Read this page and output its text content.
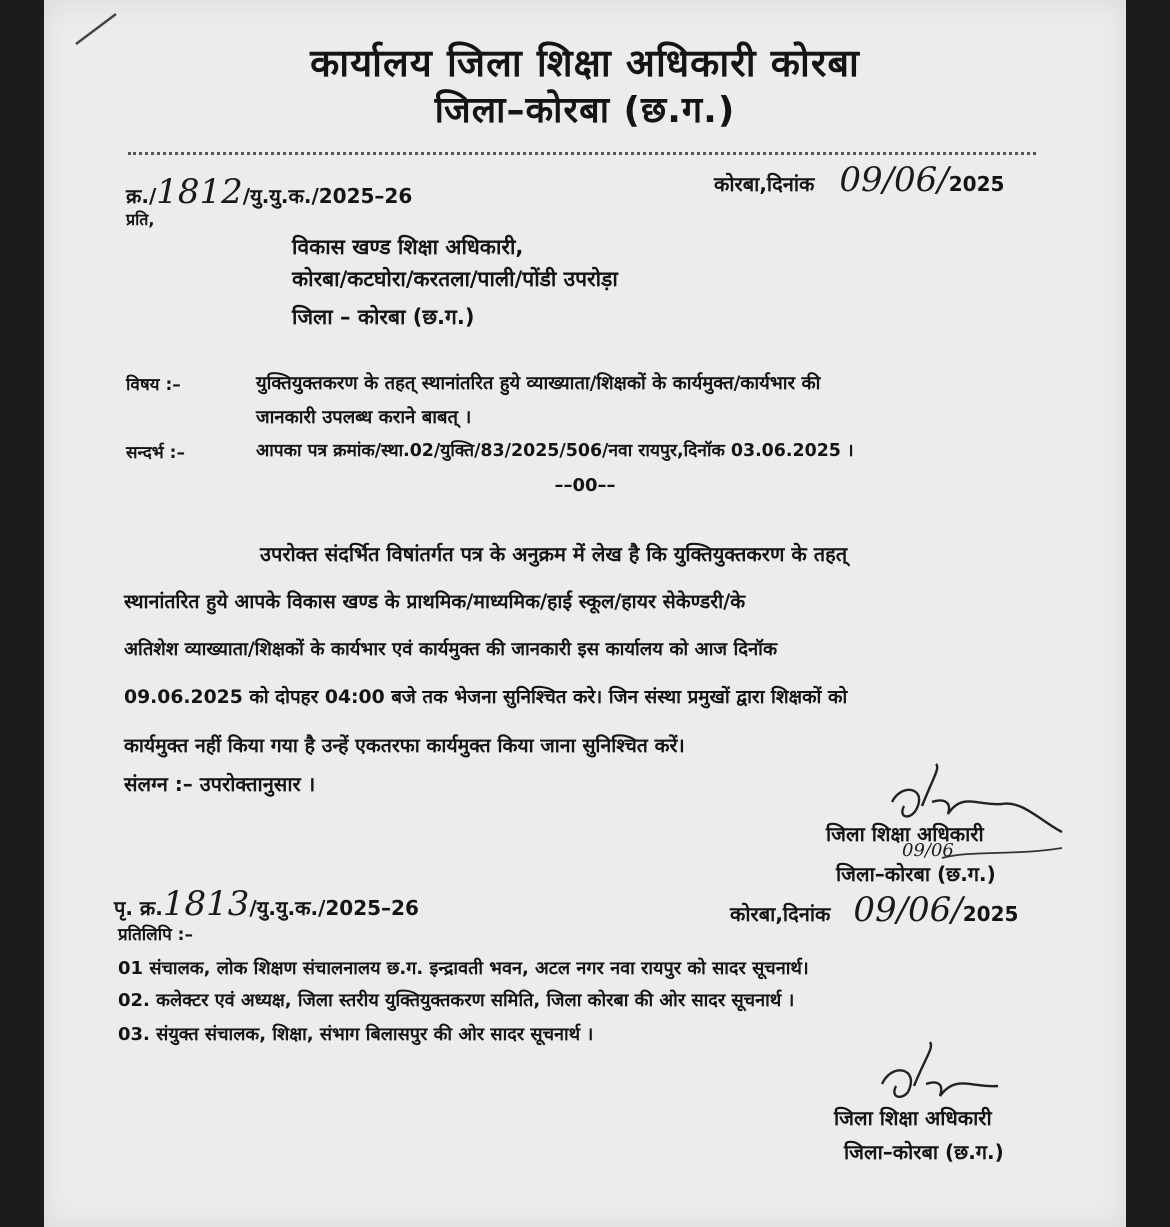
कार्यालय जिला शिक्षा अधिकारी कोरबा
जिला–कोरबा (छ.ग.)
क्र./1812/यु.यु.क./2025–26	कोरबा,दिनांक 09/06/2025
प्रति,
विकास खण्ड शिक्षा अधिकारी,
कोरबा/कटघोरा/करतला/पाली/पोंडी उपरोड़ा
जिला – कोरबा (छ.ग.)
विषय :–	युक्तियुक्तकरण के तहत् स्थानांतरित हुये व्याख्याता/शिक्षकों के कार्यमुक्त/कार्यभार की
जानकारी उपलब्ध कराने बाबत् ।
सन्दर्भ :–	आपका पत्र क्रमांक/स्था.02/युक्ति/83/2025/506/नवा रायपुर,दिनॉक 03.06.2025 ।
––00––
उपरोक्त संदर्भित विषांतर्गत पत्र के अनुक्रम में लेख है कि युक्तियुक्तकरण के तहत्
स्थानांतरित हुये आपके विकास खण्ड के प्राथमिक/माध्यमिक/हाई स्कूल/हायर सेकेण्डरी/के
अतिशेश व्याख्याता/शिक्षकों के कार्यभार एवं कार्यमुक्त की जानकारी इस कार्यालय को आज दिनॉक
09.06.2025 को दोपहर 04:00 बजे तक भेजना सुनिश्चित करे। जिन संस्था प्रमुखों द्वारा शिक्षकों को
कार्यमुक्त नहीं किया गया है उन्हें एकतरफा कार्यमुक्त किया जाना सुनिश्चित करें।
संलग्न :– उपरोक्तानुसार ।
जिला शिक्षा अधिकारी
09/06
जिला–कोरबा (छ.ग.)
पृ. क्र.1813/यु.यु.क./2025–26	कोरबा,दिनांक 09/06/2025
प्रतिलिपि :–
01 संचालक, लोक शिक्षण संचालनालय छ.ग. इन्द्रावती भवन, अटल नगर नवा रायपुर को सादर सूचनार्थ।
02. कलेक्टर एवं अध्यक्ष, जिला स्तरीय युक्तियुक्तकरण समिति, जिला कोरबा की ओर सादर सूचनार्थ ।
03. संयुक्त संचालक, शिक्षा, संभाग बिलासपुर की ओर सादर सूचनार्थ ।
जिला शिक्षा अधिकारी
जिला–कोरबा (छ.ग.)
